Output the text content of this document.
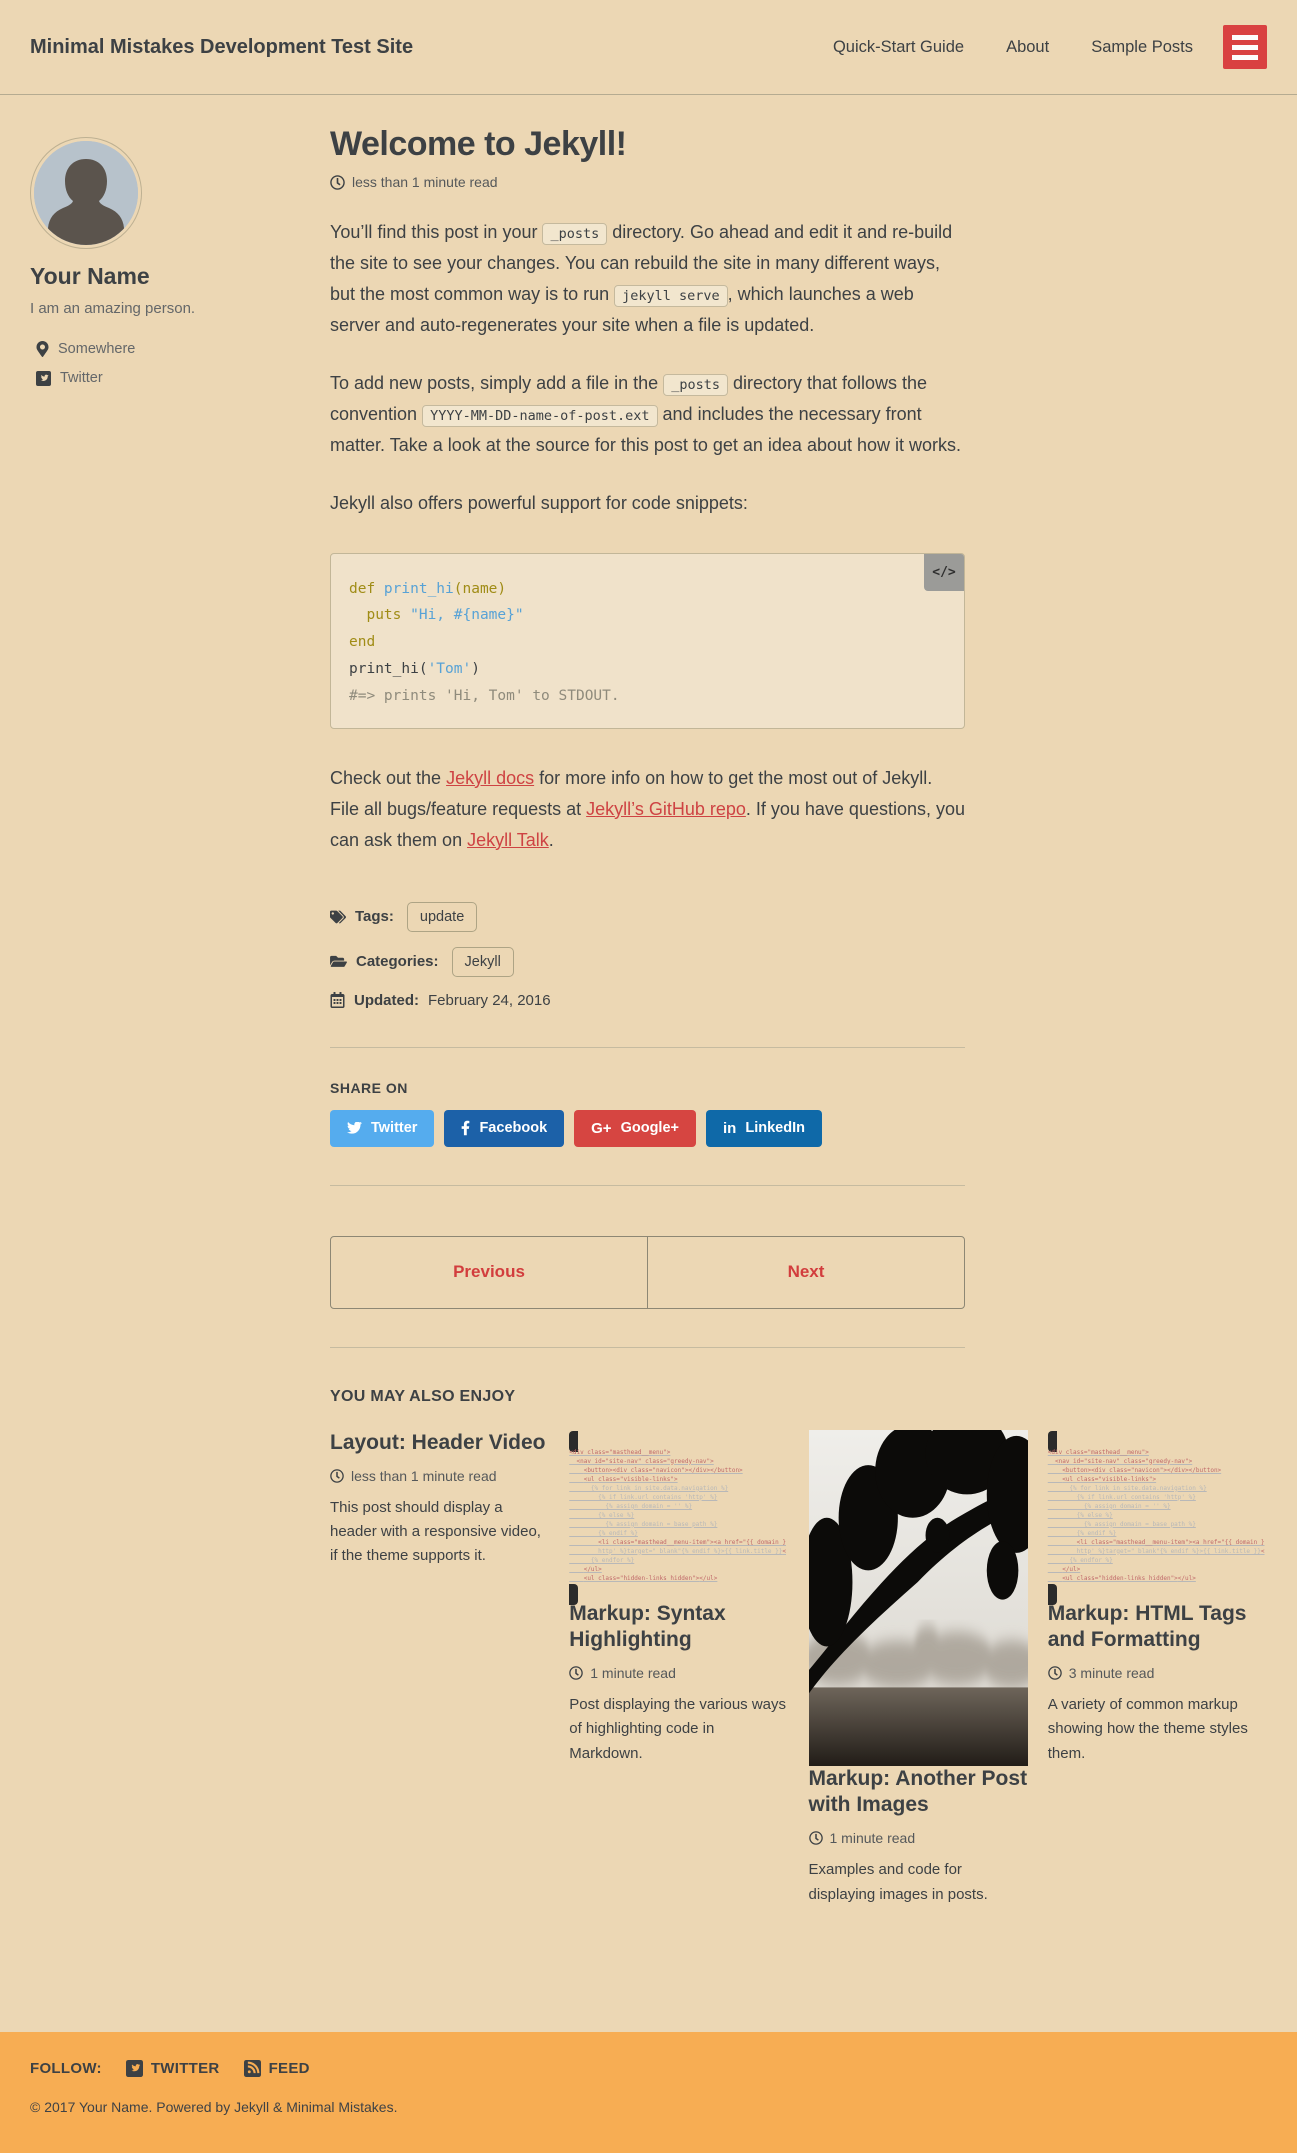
Minimal Mistakes Development Test Site	Quick-Start Guide	About	Sample Posts
Your Name

I am an amazing person.

Somewhere
Twitter
Welcome to Jekyll!
less than 1 minute read

You’ll find this post in your _posts directory. Go ahead and edit it and re-build the site to see your changes. You can rebuild the site in many different ways, but the most common way is to run jekyll serve , which launches a web server and auto-regenerates your site when a file is updated.

To add new posts, simply add a file in the _posts directory that follows the convention YYYY-MM-DD-name-of-post.ext and includes the necessary front matter. Take a look at the source for this post to get an idea about how it works.

Jekyll also offers powerful support for code snippets:

</>
def print_hi(name)
puts "Hi, #{name}"
end
print_hi('Tom')
#=> prints 'Hi, Tom' to STDOUT.

Check out the Jekyll docs for more info on how to get the most out of Jekyll. File all bugs/feature requests at Jekyll’s GitHub repo. If you have questions, you can ask them on Jekyll Talk.

Tags:	update
Categories:	Jekyll
Updated: February 24, 2016
SHARE ON
Twitter	Facebook	G+ Google+	in LinkedIn
Previous	Next
YOU MAY ALSO ENJOY
Layout: Header Video
less than 1 minute read

This post should display a header with a responsive video, if the theme supports it.

<div class="masthead__menu">
<nav id="site-nav" class="greedy-nav">
<button><div class="navicon"></div></button>
<ul class="visible-links">
{% for link in site.data.navigation %}
{% if link.url contains 'http' %}
{% assign domain = '' %}
{% else %}
{% assign domain = base_path %}
{% endif %}
<li class="masthead__menu-item"><a href="{{ domain }
http' %}target="_blank"{% endif %}>{{ link.title }}<
{% endfor %}
</ul>
<ul class="hidden-links hidden"></ul>
Markup: Syntax Highlighting
1 minute read

Post displaying the various ways of highlighting code in Markdown.

Markup: Another Post with Images
1 minute read

Examples and code for displaying images in posts.

<div class="masthead__menu">
<nav id="site-nav" class="greedy-nav">
<button><div class="navicon"></div></button>
<ul class="visible-links">
{% for link in site.data.navigation %}
{% if link.url contains 'http' %}
{% assign domain = '' %}
{% else %}
{% assign domain = base_path %}
{% endif %}
<li class="masthead__menu-item"><a href="{{ domain }
http' %}target="_blank"{% endif %}>{{ link.title }}<
{% endfor %}
</ul>
<ul class="hidden-links hidden"></ul>
Markup: HTML Tags and Formatting
3 minute read

A variety of common markup showing how the theme styles them.

FOLLOW:	TWITTER	FEED

© 2017 Your Name. Powered by Jekyll & Minimal Mistakes.
